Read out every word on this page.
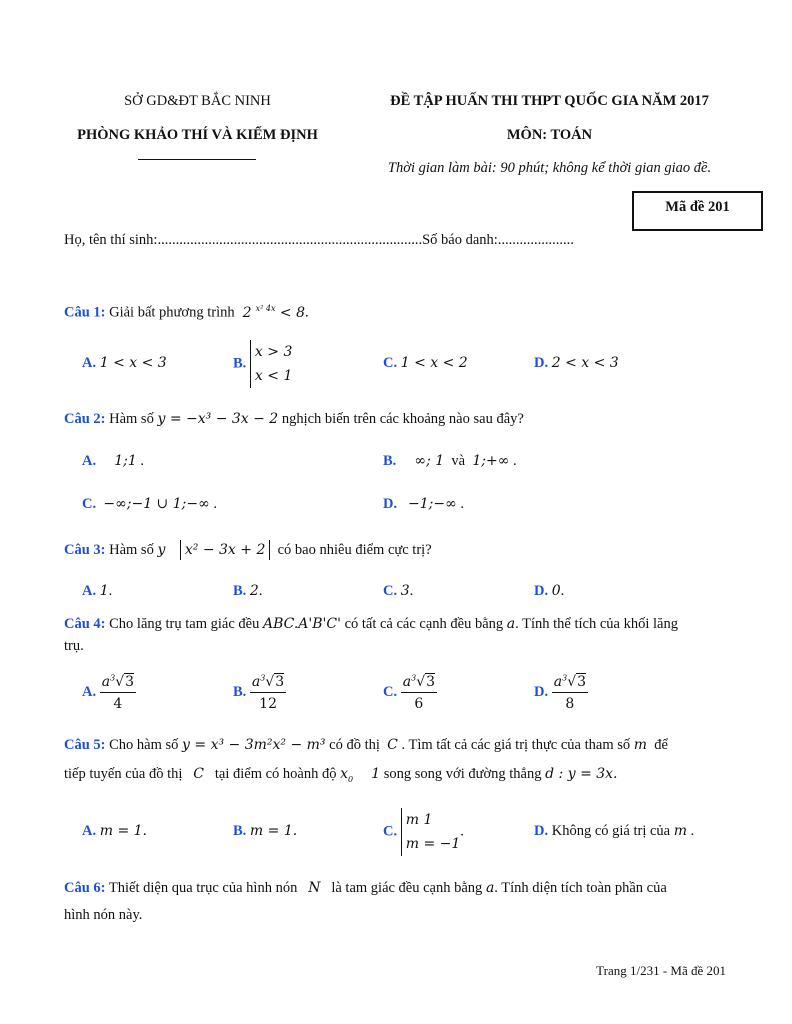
SỞ GD&ĐT BẮC NINH
PHÒNG KHẢO THÍ VÀ KIỂM ĐỊNH
ĐỀ TẬP HUẤN THI THPT QUỐC GIA NĂM 2017
MÔN: TOÁN
Thời gian làm bài: 90 phút; không kể thời gian giao đề.
Mã đề 201
Họ, tên thí sinh:.........................................................................Số báo danh:.....................
Câu 1: Giải bất phương trình 2 $^{x^2 4x}$ < 8.
A. 1 < x < 3	B.
x > 3
x < 1
C. 1 < x < 2	D. 2 < x < 3
Câu 2: Hàm số y = −x³ − 3x − 2 nghịch biến trên các khoảng nào sau đây?
A. 1;1 .	B. ∞; 1 và 1;+∞ .
C. −∞;−1 ∪ 1;−∞ .	D. −1;−∞ .
Câu 3: Hàm số y x² − 3x + 2 có bao nhiêu điểm cực trị?
A. 1.	B. 2.	C. 3.	D. 0.
Câu 4: Cho lăng trụ tam giác đều ABC.A'B'C' có tất cả các cạnh đều bằng a. Tính thể tích của khối lăng
trụ.
A. $\frac{a^3√3}{4}$	B. $\frac{a^3√3}{12}$	C. $\frac{a^3√3}{6}$	D. $\frac{a^3√3}{8}$
Câu 5: Cho hàm số y = x³ − 3m²x² − m³ có đồ thị C . Tìm tất cả các giá trị thực của tham số m để
tiếp tuyến của đồ thị C tại điểm có hoành độ $x_0$ 1 song song với đường thẳng d : y = 3x.
A. m = 1.	B. m = 1.	C.
m 1
m = −1
.	D. Không có giá trị của m .
Câu 6: Thiết diện qua trục của hình nón N là tam giác đều cạnh bằng a. Tính diện tích toàn phần của
hình nón này.
Trang 1/231 - Mã đề 201
